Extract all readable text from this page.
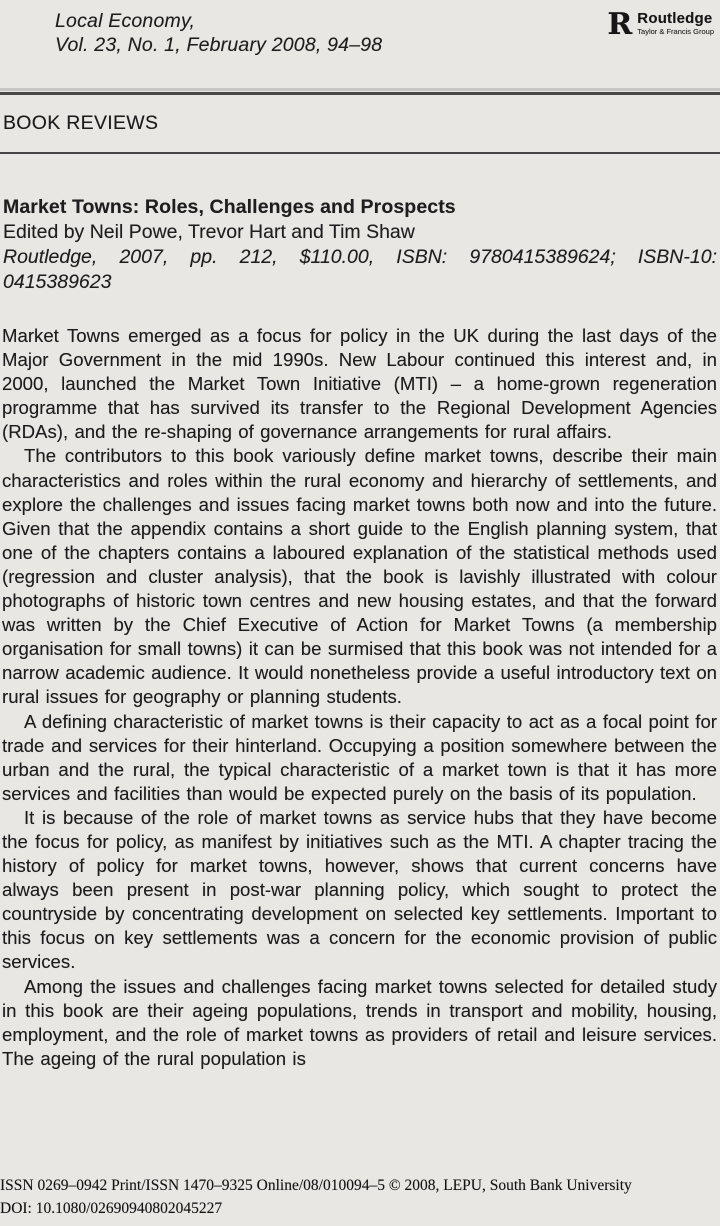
Local Economy,
Vol. 23, No. 1, February 2008, 94–98
R Routledge
Taylor & Francis Group
BOOK REVIEWS
Market Towns: Roles, Challenges and Prospects
Edited by Neil Powe, Trevor Hart and Tim Shaw
Routledge, 2007, pp. 212, $110.00, ISBN: 9780415389624; ISBN-10:
0415389623

Market Towns emerged as a focus for policy in the UK during the last days of the Major Government in the mid 1990s. New Labour continued this interest and, in 2000, launched the Market Town Initiative (MTI) – a home-grown regeneration programme that has survived its transfer to the Regional Development Agencies (RDAs), and the re-shaping of governance arrangements for rural affairs.

The contributors to this book variously define market towns, describe their main characteristics and roles within the rural economy and hierarchy of settlements, and explore the challenges and issues facing market towns both now and into the future. Given that the appendix contains a short guide to the English planning system, that one of the chapters contains a laboured explanation of the statistical methods used (regression and cluster analysis), that the book is lavishly illustrated with colour photographs of historic town centres and new housing estates, and that the forward was written by the Chief Executive of Action for Market Towns (a membership organisation for small towns) it can be surmised that this book was not intended for a narrow academic audience. It would nonetheless provide a useful introductory text on rural issues for geography or planning students.

A defining characteristic of market towns is their capacity to act as a focal point for trade and services for their hinterland. Occupying a position somewhere between the urban and the rural, the typical characteristic of a market town is that it has more services and facilities than would be expected purely on the basis of its population.

It is because of the role of market towns as service hubs that they have become the focus for policy, as manifest by initiatives such as the MTI. A chapter tracing the history of policy for market towns, however, shows that current concerns have always been present in post-war planning policy, which sought to protect the countryside by concentrating development on selected key settlements. Important to this focus on key settlements was a concern for the economic provision of public services.

Among the issues and challenges facing market towns selected for detailed study in this book are their ageing populations, trends in transport and mobility, housing, employment, and the role of market towns as providers of retail and leisure services. The ageing of the rural population is

ISSN 0269–0942 Print/ISSN 1470–9325 Online/08/010094–5 © 2008, LEPU, South Bank University
DOI: 10.1080/02690940802045227
